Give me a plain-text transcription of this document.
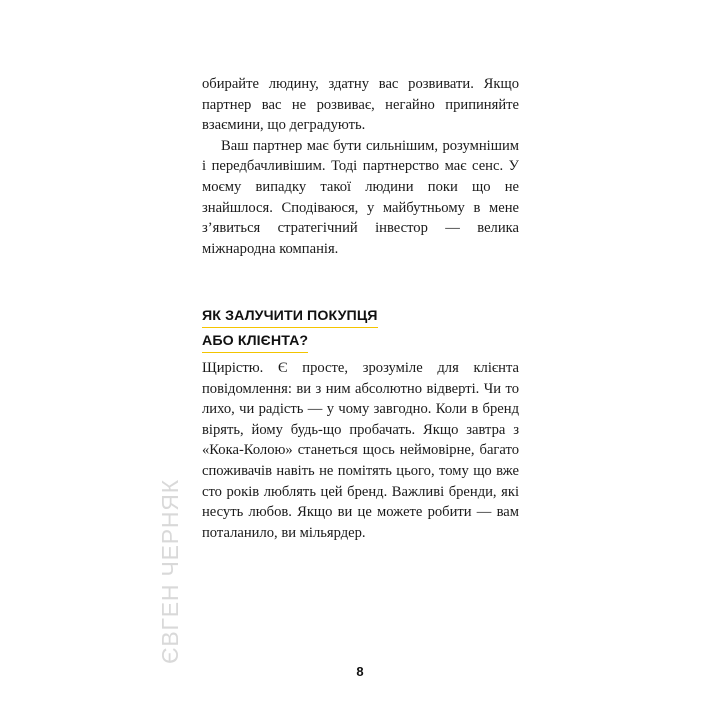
обирайте людину, здатну вас розвивати. Якщо партнер вас не розвиває, негайно припиняйте взаємини, що деградують.

Ваш партнер має бути сильнішим, розумнішим і передбачливішим. Тоді партнерство має сенс. У моєму випадку такої людини поки що не знайшлося. Сподіваюся, у майбутньому в мене з’явиться стратегічний інвестор — велика міжнародна компанія.

ЯК ЗАЛУЧИТИ ПОКУПЦЯ
АБО КЛІЄНТА?

Щирістю. Є просте, зрозуміле для клієнта повідомлення: ви з ним абсолютно відверті. Чи то лихо, чи радість — у чому завгодно. Коли в бренд вірять, йому будь-що пробачать. Якщо завтра з «Кока-Колою» станеться щось неймовірне, багато споживачів навіть не помітять цього, тому що вже сто років люблять цей бренд. Важливі бренди, які несуть любов. Якщо ви це можете робити — вам поталанило, ви мільярдер.

ЄВГЕН ЧЕРНЯК
8
